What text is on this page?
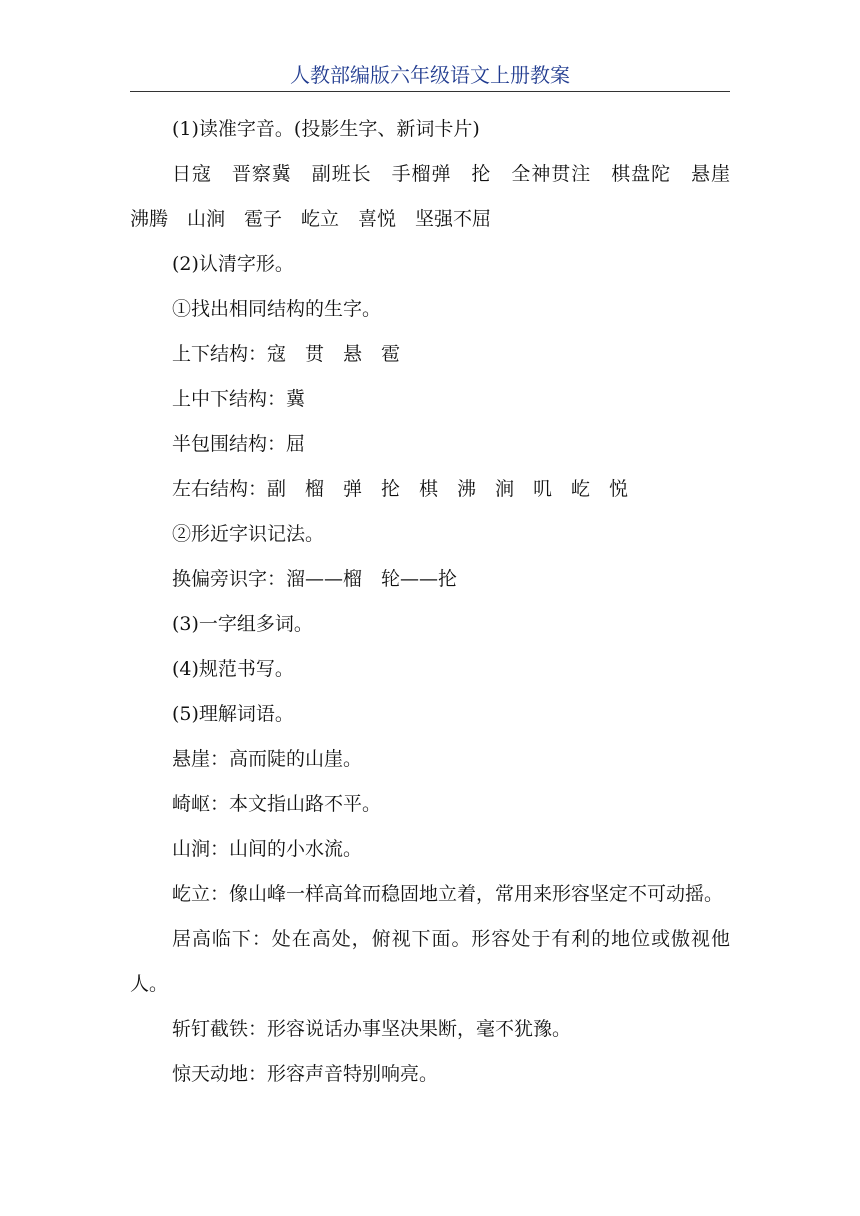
人教部编版六年级语文上册教案

(1)读准字音。(投影生字、新词卡片)

日寇　晋察冀　副班长　手榴弹　抡　全神贯注　棋盘陀　悬崖　沸腾　山涧　雹子　屹立　喜悦　坚强不屈

(2)认清字形。

①找出相同结构的生字。

上下结构：寇　贯　悬　雹

上中下结构：冀

半包围结构：屈

左右结构：副　榴　弹　抡　棋　沸　涧　叽　屹　悦

②形近字识记法。

换偏旁识字：溜——榴　轮——抡

(3)一字组多词。

(4)规范书写。

(5)理解词语。

悬崖：高而陡的山崖。

崎岖：本文指山路不平。

山涧：山间的小水流。

屹立：像山峰一样高耸而稳固地立着，常用来形容坚定不可动摇。

居高临下：处在高处，俯视下面。形容处于有利的地位或傲视他人。

斩钉截铁：形容说话办事坚决果断，毫不犹豫。

惊天动地：形容声音特别响亮。
